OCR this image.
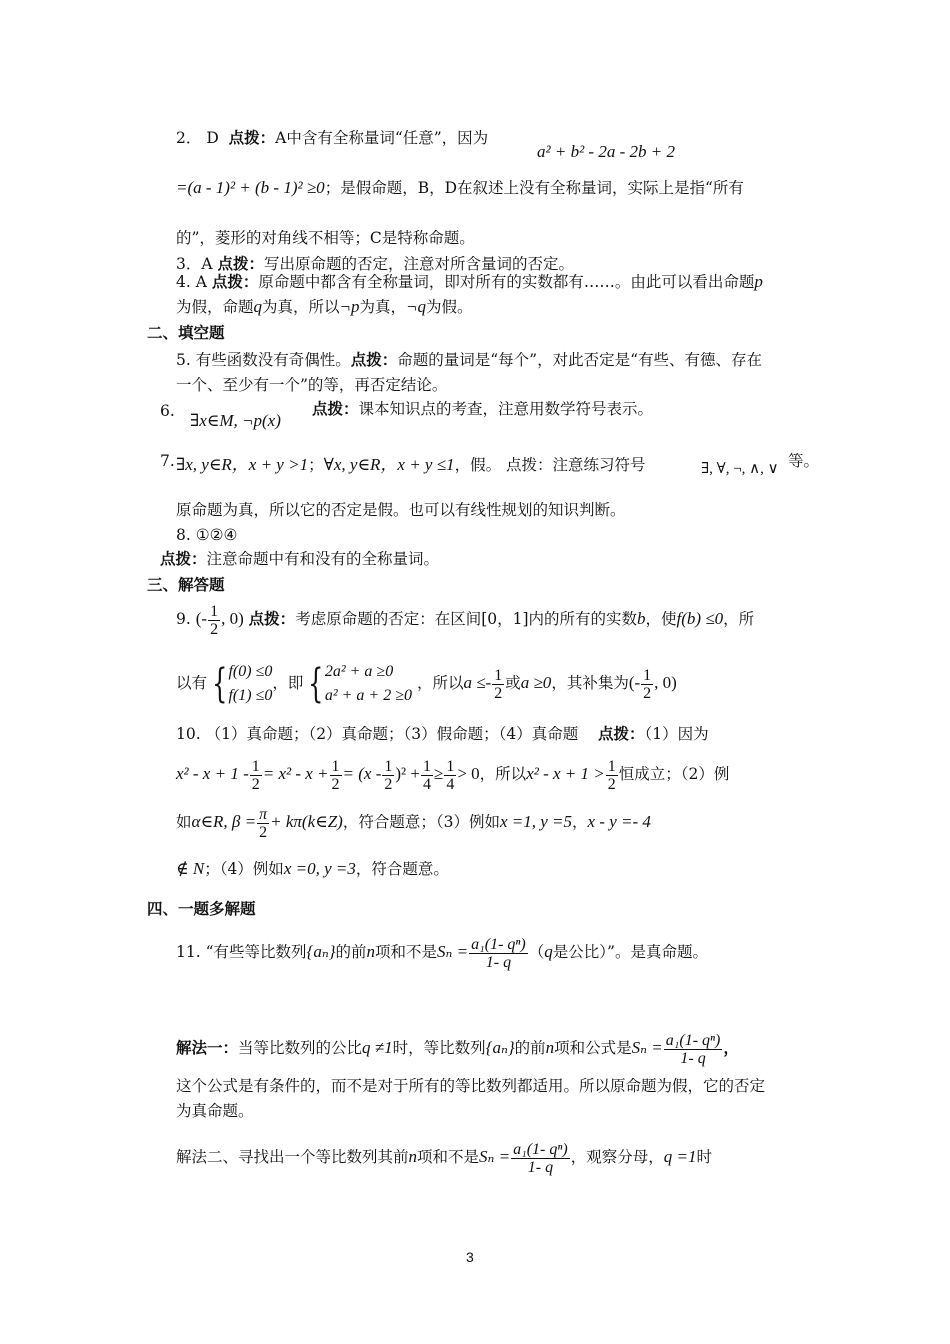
2． D 点拨：A中含有全称量词“任意”，因为
a² + b² - 2a - 2b + 2
=(a - 1)² + (b - 1)² ≥0；是假命题，B，D在叙述上没有全称量词，实际上是指“所有
的”，菱形的对角线不相等；C是特称命题。
3．A 点拨：写出原命题的否定，注意对所含量词的否定。
4. A 点拨：原命题中都含有全称量词，即对所有的实数都有……。由此可以看出命题p
为假，命题q为真，所以¬p为真，¬q为假。
二、填空题
5. 有些函数没有奇偶性。点拨：命题的量词是“每个”，对此否定是“有些、有德、存在
一个、至少有一个”的等，再否定结论。
6. ∃x∈M, ¬p(x)
点拨：课本知识点的考查，注意用数学符号表示。
7. ∃x, y∈R，x + y >1；∀x, y∈R，x + y ≤1，假。 点拨：注意练习符号	∃, ∀, ¬, ∧, ∨ 等。
原命题为真，所以它的否定是假。也可以有线性规划的知识判断。
8. ①②④
点拨：注意命题中有和没有的全称量词。
三、解答题
9. (- $\frac{1}{2}$ , 0) 点拨：考虑原命题的否定：在区间[0，1]内的所有的实数b，使f(b) ≤0，所
以有 { f(0) ≤0
f(1) ≤0
，即 { 2a² + a ≥0
a² + a + 2 ≥0
，所以$a \le- \frac{1}{2}$ 或a ≥0，其补集为(- $\frac{1}{2}$ , 0)
10. （1）真命题；（2）真命题；（3）假命题；（4）真命题 点拨：（1）因为
$x^2 - x + 1 - \frac{1}{2} = x^2 - x + \frac{1}{2} = (x - \frac{1}{2} )^2 + \frac{1}{4} \ge \frac{1}{4} > 0$，所以$x^2 - x + 1 > \frac{1}{2}$ 恒成立；（2）例
如α∈R, $\beta = \frac{\pi}{2}$ + kπ(k∈Z)，符合题意；（3）例如x =1, y =5，x - y =- 4
∉ N；（4）例如x =0, y =3，符合题意。
四、一题多解题
11. “有些等比数列{aₙ}的前n项和不是$S_n = \frac{\text{a₁(1- qⁿ)}}{1- q} (q$是公比）”。是真命题。
解法一：当等比数列的公比q ≠1时，等比数列{aₙ}的前n项和公式是$S_n = \frac{\text{a₁(1- qⁿ)}}{1- q}$ ，
这个公式是有条件的，而不是对于所有的等比数列都适用。所以原命题为假，它的否定
为真命题。
解法二、寻找出一个等比数列其前n项和不是$S_n = \frac{\text{a₁(1- qⁿ)}}{1- q}$ ，观察分母，q =1时
3
